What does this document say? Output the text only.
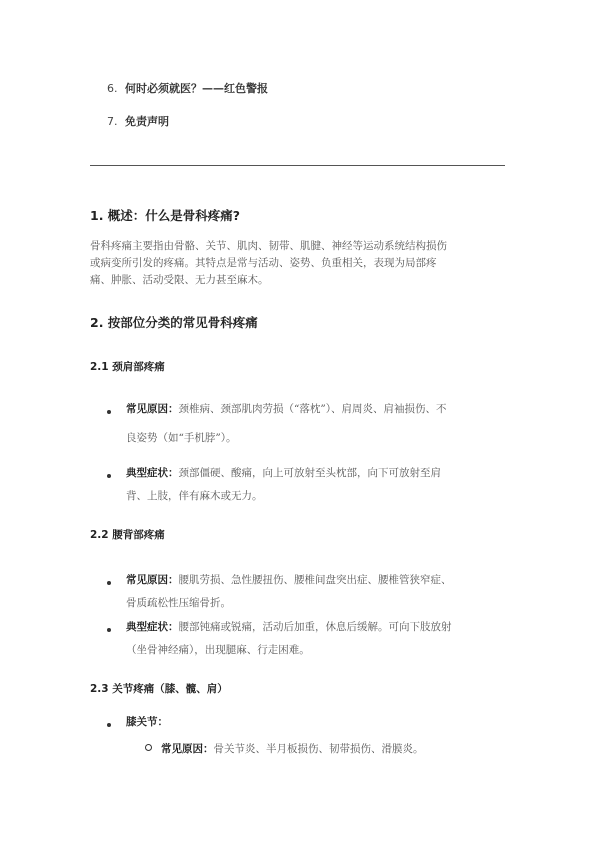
6. 何时必须就医？——红色警报
7. 免责声明
1. 概述：什么是骨科疼痛?
骨科疼痛主要指由骨骼、关节、肌肉、韧带、肌腱、神经等运动系统结构损伤
或病变所引发的疼痛。其特点是常与活动、姿势、负重相关，表现为局部疼
痛、肿胀、活动受限、无力甚至麻木。
2. 按部位分类的常见骨科疼痛
2.1 颈肩部疼痛
常见原因：颈椎病、颈部肌肉劳损（“落枕”）、肩周炎、肩袖损伤、不
良姿势（如“手机脖”）。
典型症状：颈部僵硬、酸痛，向上可放射至头枕部，向下可放射至肩
背、上肢，伴有麻木或无力。
2.2 腰背部疼痛
常见原因：腰肌劳损、急性腰扭伤、腰椎间盘突出症、腰椎管狭窄症、
骨质疏松性压缩骨折。
典型症状：腰部钝痛或锐痛，活动后加重，休息后缓解。可向下肢放射
（坐骨神经痛），出现腿麻、行走困难。
2.3 关节疼痛（膝、髋、肩）
膝关节：
常见原因：骨关节炎、半月板损伤、韧带损伤、滑膜炎。
